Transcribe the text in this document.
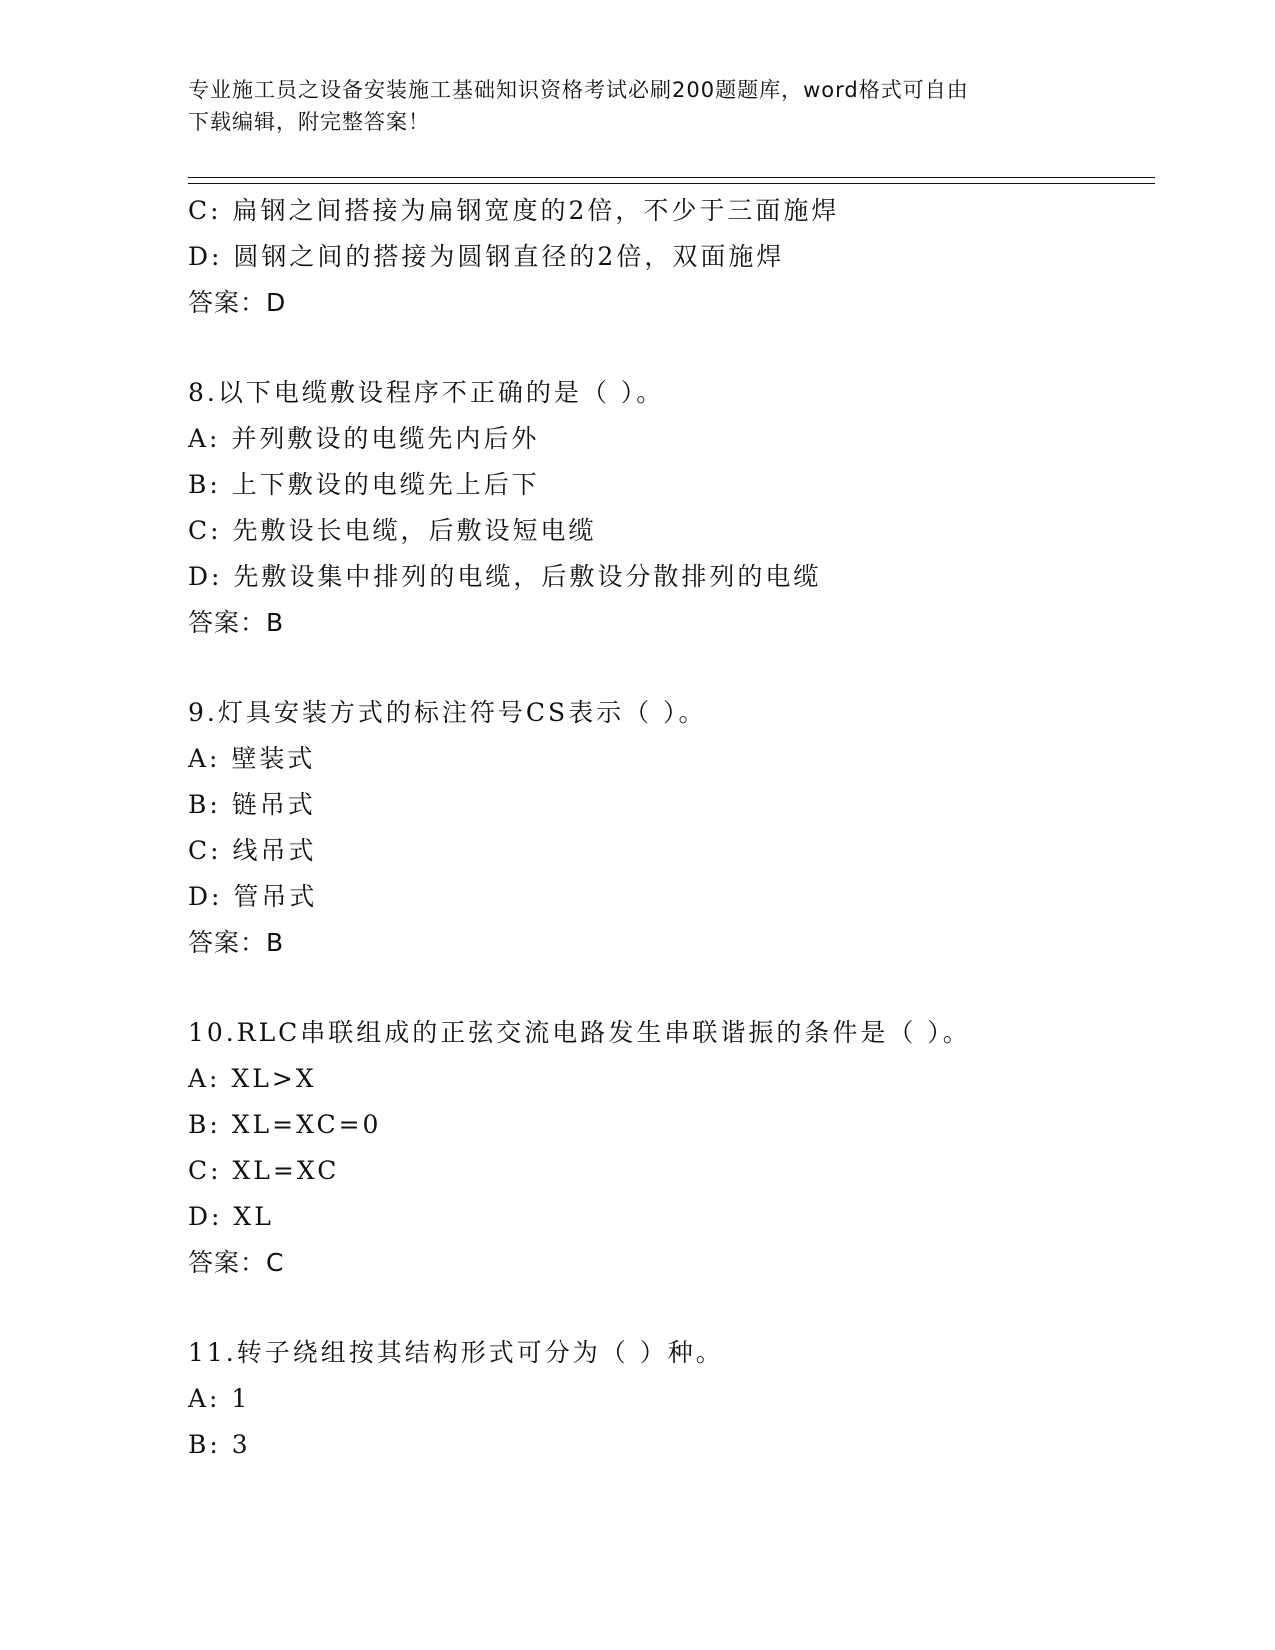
专业施工员之设备安装施工基础知识资格考试必刷200题题库，word格式可自由
下载编辑，附完整答案！
C: 扁钢之间搭接为扁钢宽度的2倍，不少于三面施焊
D: 圆钢之间的搭接为圆钢直径的2倍，双面施焊
答案：D
8.以下电缆敷设程序不正确的是（ ）。
A: 并列敷设的电缆先内后外
B: 上下敷设的电缆先上后下
C: 先敷设长电缆，后敷设短电缆
D: 先敷设集中排列的电缆，后敷设分散排列的电缆
答案：B
9.灯具安装方式的标注符号CS表示（ ）。
A: 壁装式
B: 链吊式
C: 线吊式
D: 管吊式
答案：B
10.RLC串联组成的正弦交流电路发生串联谐振的条件是（ ）。
A: XL>X
B: XL=XC=0
C: XL=XC
D: XL
答案：C
11.转子绕组按其结构形式可分为（ ）种。
A: 1
B: 3
